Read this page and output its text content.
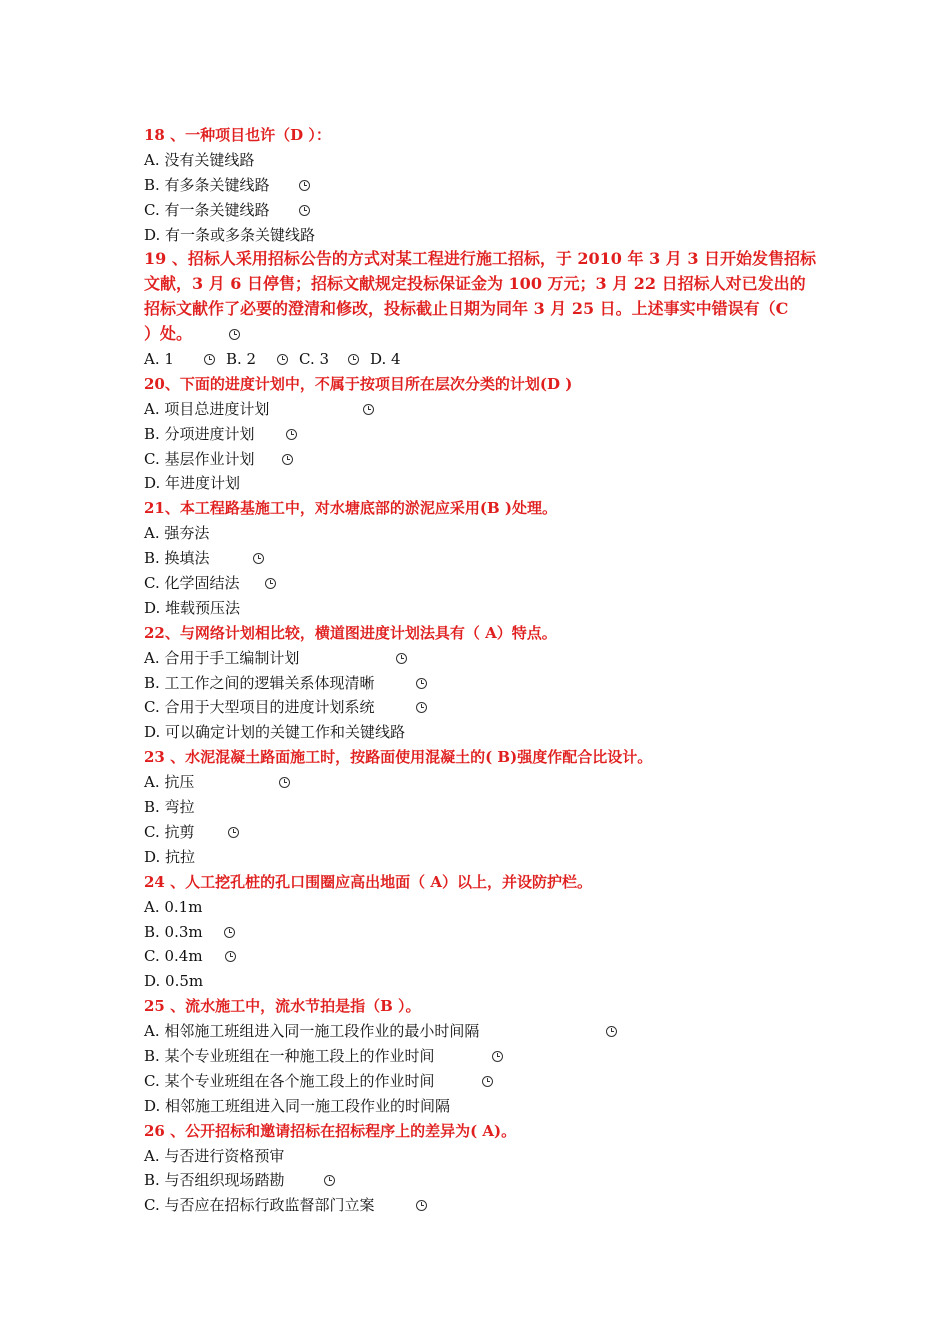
18 、一种项目也许（D ）：
A. 没有关键线路
B. 有多条关键线路
C. 有一条关键线路
D. 有一条或多条关键线路
19 、招标人采用招标公告的方式对某工程进行施工招标，于 2010 年 3 月 3 日开始发售招标
文献，3 月 6 日停售；招标文献规定投标保证金为 100 万元；3 月 22 日招标人对已发出的
招标文献作了必要的澄清和修改，投标截止日期为同年 3 月 25 日。上述事实中错误有（C
）处。
A. 1	B. 2	C. 3	D. 4
20、下面的进度计划中，不属于按项目所在层次分类的计划(D )
A. 项目总进度计划
B. 分项进度计划
C. 基层作业计划
D. 年进度计划
21、本工程路基施工中，对水塘底部的淤泥应采用(B )处理。
A. 强夯法
B. 换填法
C. 化学固结法
D. 堆载预压法
22、与网络计划相比较，横道图进度计划法具有（ A）特点。
A. 合用于手工编制计划
B. 工工作之间的逻辑关系体现清晰
C. 合用于大型项目的进度计划系统
D. 可以确定计划的关键工作和关键线路
23 、水泥混凝土路面施工时，按路面使用混凝土的( B)强度作配合比设计。
A. 抗压
B. 弯拉
C. 抗剪
D. 抗拉
24 、人工挖孔桩的孔口围圈应高出地面（ A）以上，并设防护栏。
A. 0.1m
B. 0.3m
C. 0.4m
D. 0.5m
25 、流水施工中，流水节拍是指（B ）。
A. 相邻施工班组进入同一施工段作业的最小时间隔
B. 某个专业班组在一种施工段上的作业时间
C. 某个专业班组在各个施工段上的作业时间
D. 相邻施工班组进入同一施工段作业的时间隔
26 、公开招标和邀请招标在招标程序上的差异为( A)。
A. 与否进行资格预审
B. 与否组织现场踏勘
C. 与否应在招标行政监督部门立案
